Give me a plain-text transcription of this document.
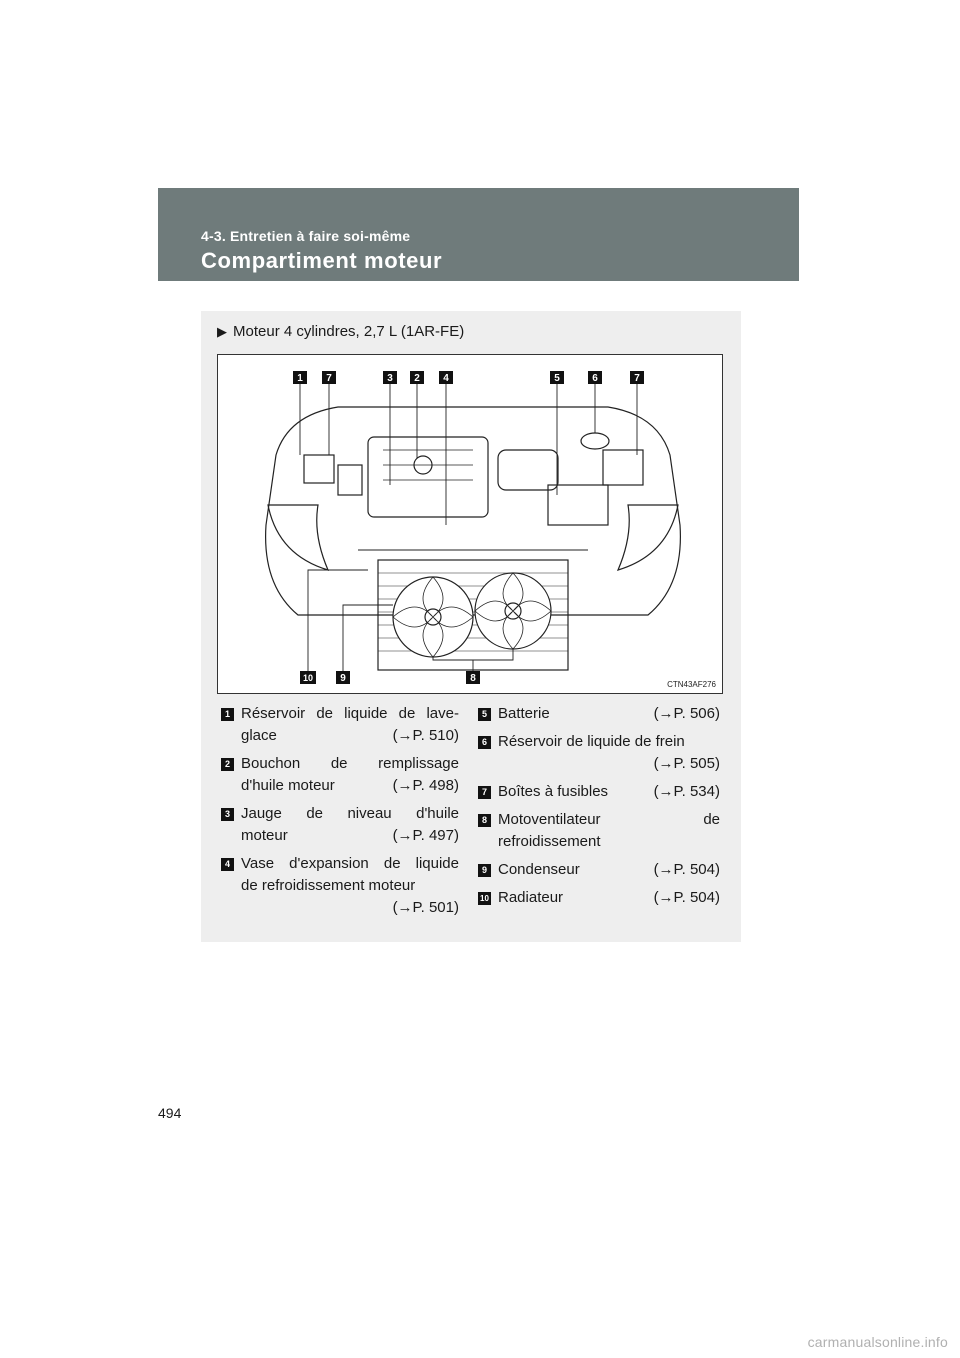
4-3. Entretien à faire soi-même
Compartiment moteur
▶ Moteur 4 cylindres, 2,7 L (1AR-FE)
1 7	3 2 4	5	6	7
10	9	8
CTN43AF276
1 Réservoir de liquide de lave-
glace	(→P. 510)
2 Bouchon de remplissage
d'huile moteur	(→P. 498)
3 Jauge de niveau d'huile
moteur	(→P. 497)
4 Vase d'expansion de liquide
de refroidissement moteur
(→P. 501)
5 Batterie	(→P. 506)
6 Réservoir de liquide de frein
(→P. 505)
7 Boîtes à fusibles	(→P. 534)
8 Motoventilateur de
refroidissement
9 Condenseur	(→P. 504)
10 Radiateur	(→P. 504)
494
carmanualsonline.info
